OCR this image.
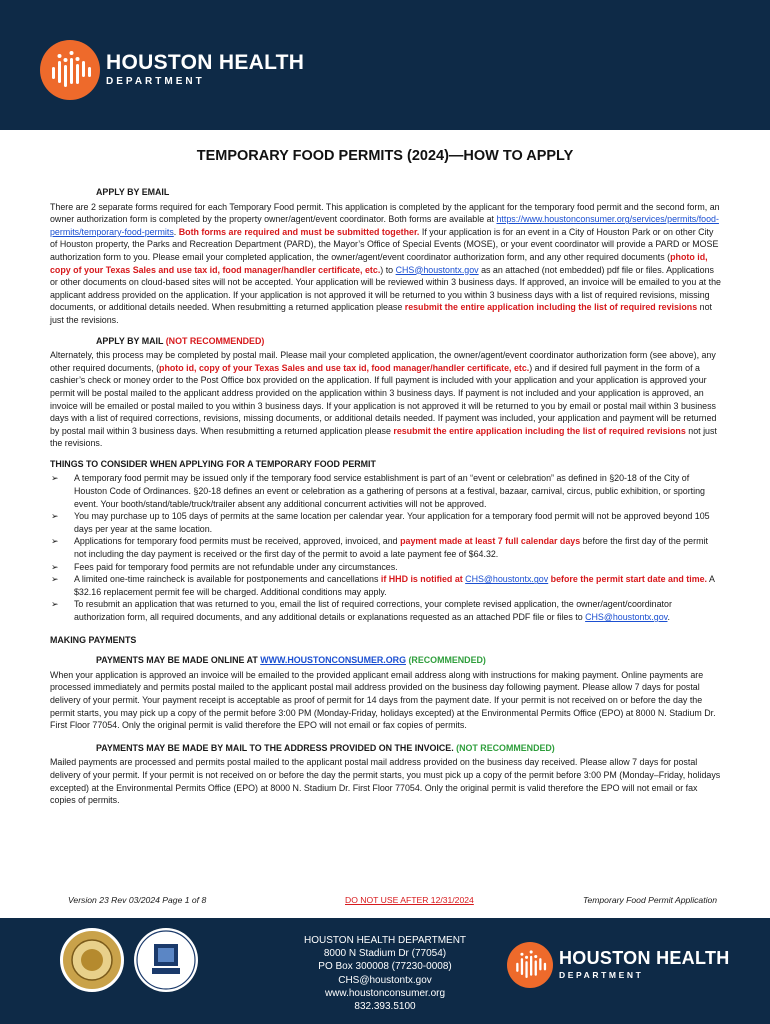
HOUSTON HEALTH
DEPARTMENT
TEMPORARY FOOD PERMITS (2024)—HOW TO APPLY

APPLY BY EMAIL

There are 2 separate forms required for each Temporary Food permit. This application is completed by the applicant for the temporary food permit and the second form, an owner authorization form is completed by the property owner/agent/event coordinator. Both forms are available at https://www.houstonconsumer.org/services/permits/food-permits/temporary-food-permits. Both forms are required and must be submitted together. If your application is for an event in a City of Houston Park or on other City of Houston property, the Parks and Recreation Department (PARD), the Mayor’s Office of Special Events (MOSE), or your event coordinator will provide a PARD or MOSE authorization form to you. Please email your completed application, the owner/agent/event coordinator authorization form, and any other required documents (photo id, copy of your Texas Sales and use tax id, food manager/handler certificate, etc.) to CHS@houstontx.gov as an attached (not embedded) pdf file or files. Applications or other documents on cloud-based sites will not be accepted. Your application will be reviewed within 3 business days. If approved, an invoice will be emailed to you at the applicant address provided on the application. If your application is not approved it will be returned to you within 3 business days with a list of required revisions, missing documents, or additional details needed. When resubmitting a returned application please resubmit the entire application including the list of required revisions not just the revisions.

APPLY BY MAIL (NOT RECOMMENDED)

Alternately, this process may be completed by postal mail. Please mail your completed application, the owner/agent/event coordinator authorization form (see above), any other required documents, (photo id, copy of your Texas Sales and use tax id, food manager/handler certificate, etc.) and if desired full payment in the form of a cashier’s check or money order to the Post Office box provided on the application. If full payment is included with your application and your application is approved your permit will be postal mailed to the applicant address provided on the application within 3 business days. If payment is not included and your application is approved, an invoice will be emailed or postal mailed to you within 3 business days. If your application is not approved it will be returned to you by email or postal mail within 3 business days with a list of required corrections, revisions, missing documents, or additional details needed. If payment was included, your application and payment will be returned by postal mail within 3 business days. When resubmitting a returned application please resubmit the entire application including the list of required revisions not just the revisions.

THINGS TO CONSIDER WHEN APPLYING FOR A TEMPORARY FOOD PERMIT

➢ A temporary food permit may be issued only if the temporary food service establishment is part of an “event or celebration” as defined in §20-18 of the City of Houston Code of Ordinances. §20-18 defines an event or celebration as a gathering of persons at a festival, bazaar, carnival, circus, public exhibition, or sporting event. Your booth/stand/table/truck/trailer absent any additional concurrent activities will not be approved.
➢ You may purchase up to 105 days of permits at the same location per calendar year. Your application for a temporary food permit will not be approved beyond 105 days per year at the same location.
➢ Applications for temporary food permits must be received, approved, invoiced, and payment made at least 7 full calendar days before the first day of the permit not including the day payment is received or the first day of the permit to avoid a late payment fee of $64.32.
➢ Fees paid for temporary food permits are not refundable under any circumstances.
➢ A limited one-time raincheck is available for postponements and cancellations if HHD is notified at CHS@houstontx.gov before the permit start date and time. A $32.16 replacement permit fee will be charged. Additional conditions may apply.
➢ To resubmit an application that was returned to you, email the list of required corrections, your complete revised application, the owner/agent/coordinator authorization form, all required documents, and any additional details or explanations requested as an attached PDF file or files to CHS@houstontx.gov.

MAKING PAYMENTS

PAYMENTS MAY BE MADE ONLINE AT WWW.HOUSTONCONSUMER.ORG (RECOMMENDED)

When your application is approved an invoice will be emailed to the provided applicant email address along with instructions for making payment. Online payments are processed immediately and permits postal mailed to the applicant postal mail address provided on the business day following payment. Please allow 7 days for postal delivery of your permit. Your payment receipt is acceptable as proof of permit for 14 days from the payment date. If your permit is not received on or before the day the permit starts, you may pick up a copy of the permit before 3:00 PM (Monday-Friday, holidays excepted) at the Environmental Permits Office (EPO) at 8000 N. Stadium Dr. First Floor 77054. Only the original permit is valid therefore the EPO will not email or fax copies of permits.

PAYMENTS MAY BE MADE BY MAIL TO THE ADDRESS PROVIDED ON THE INVOICE. (NOT RECOMMENDED)

Mailed payments are processed and permits postal mailed to the applicant postal mail address provided on the business day received. Please allow 7 days for postal delivery of your permit. If your permit is not received on or before the day the permit starts, you must pick up a copy of the permit before 3:00 PM (Monday–Friday, holidays excepted) at the Environmental Permits Office (EPO) at 8000 N. Stadium Dr. First Floor 77054. Only the original permit is valid therefore the EPO will not email or fax copies of permits.

Version 23 Rev 03/2024 Page 1 of 8	DO NOT USE AFTER 12/31/2024	Temporary Food Permit Application
HOUSTON HEALTH DEPARTMENT
8000 N Stadium Dr (77054)
PO Box 300008 (77230-0008)
CHS@houstontx.gov
www.houstonconsumer.org
832.393.5100
HOUSTON HEALTH
DEPARTMENT
